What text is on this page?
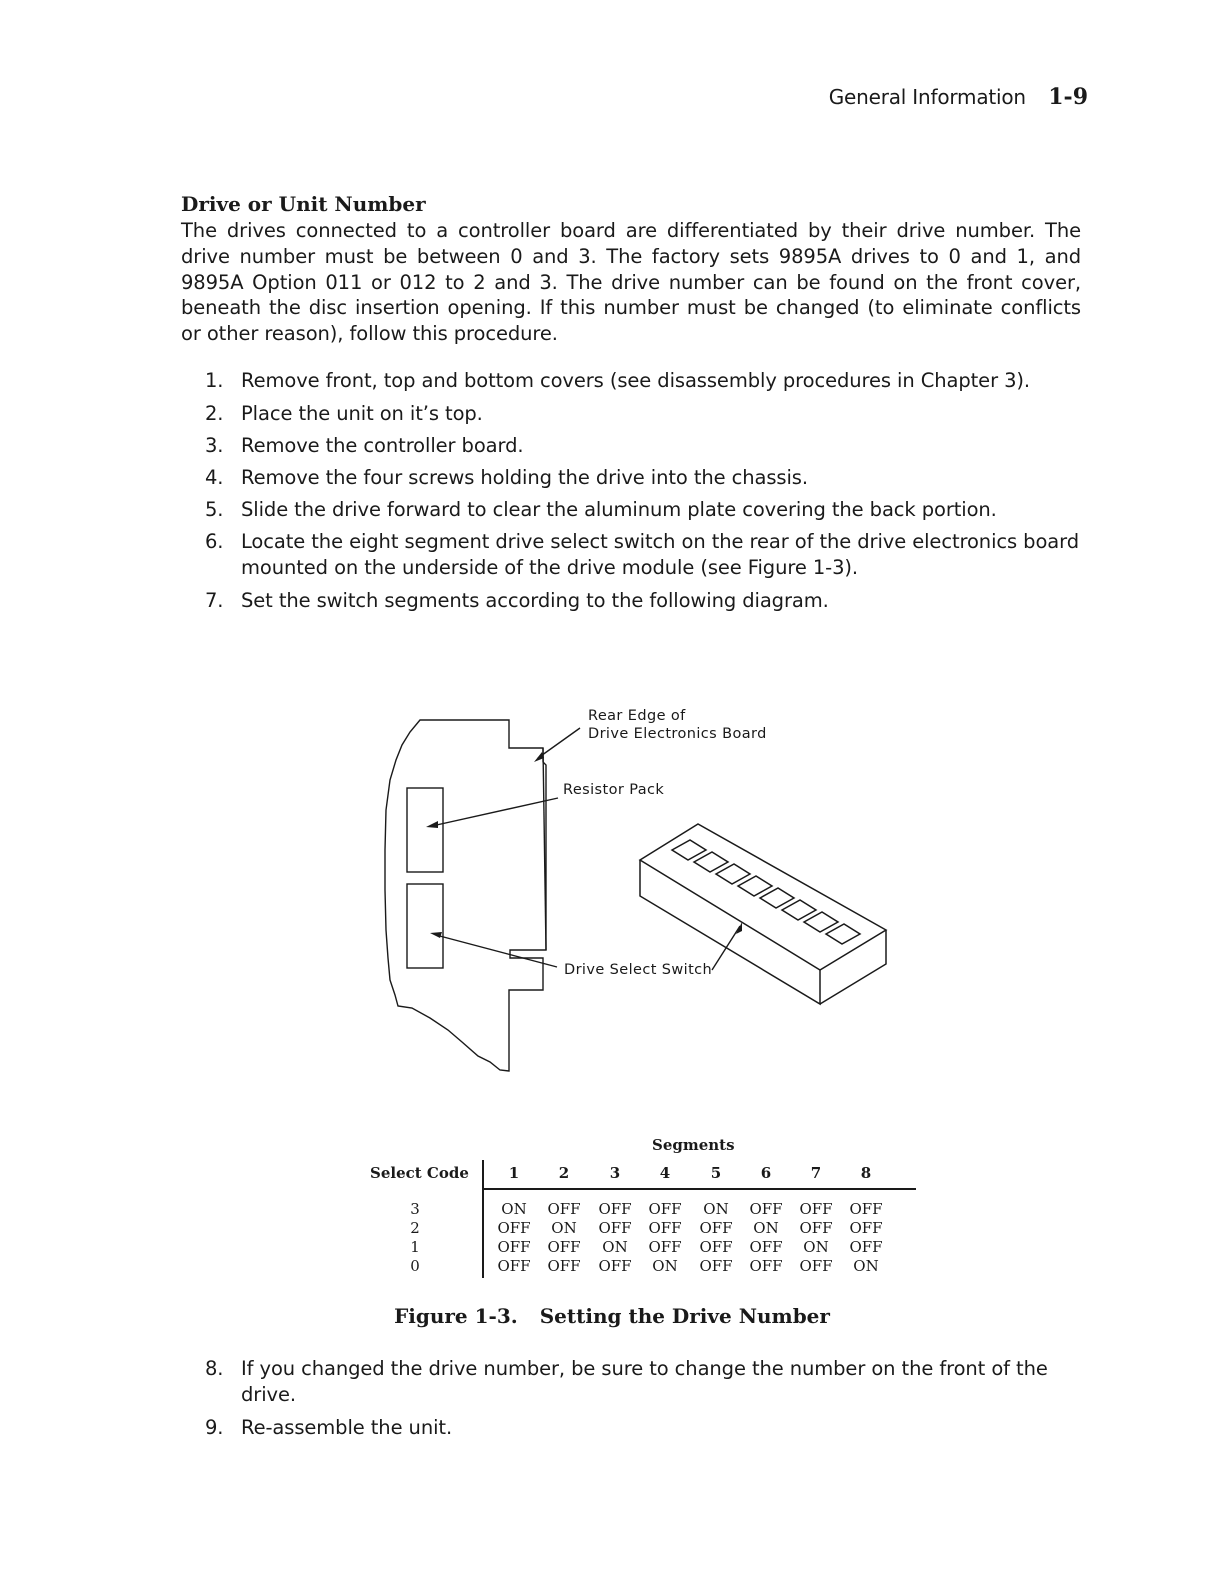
General Information 1-9
Drive or Unit Number
The drives connected to a controller board are differentiated by their drive number. The drive number must be between 0 and 3. The factory sets 9895A drives to 0 and 1, and 9895A Option 011 or 012 to 2 and 3. The drive number can be found on the front cover, beneath the disc insertion opening. If this number must be changed (to eliminate conflicts or other reason), follow this procedure.
1. Remove front, top and bottom covers (see disassembly procedures in Chapter 3).
2. Place the unit on it’s top.
3. Remove the controller board.
4. Remove the four screws holding the drive into the chassis.
5. Slide the drive forward to clear the aluminum plate covering the back portion.
6. Locate the eight segment drive select switch on the rear of the drive electronics board mounted on the underside of the drive module (see Figure 1-3).
7. Set the switch segments according to the following diagram.
Rear Edge of
Drive Electronics Board
Resistor Pack
Drive Select Switch
Segments
Select Code	1	2	3	4	5	6	7	8
3	ON	OFF	OFF	OFF	ON	OFF	OFF	OFF
2	OFF	ON	OFF	OFF	OFF	ON	OFF	OFF
1	OFF	OFF	ON	OFF	OFF	OFF	ON	OFF
0	OFF	OFF	OFF	ON	OFF	OFF	OFF	ON
Figure 1-3. Setting the Drive Number
8. If you changed the drive number, be sure to change the number on the front of the drive.
9. Re-assemble the unit.
